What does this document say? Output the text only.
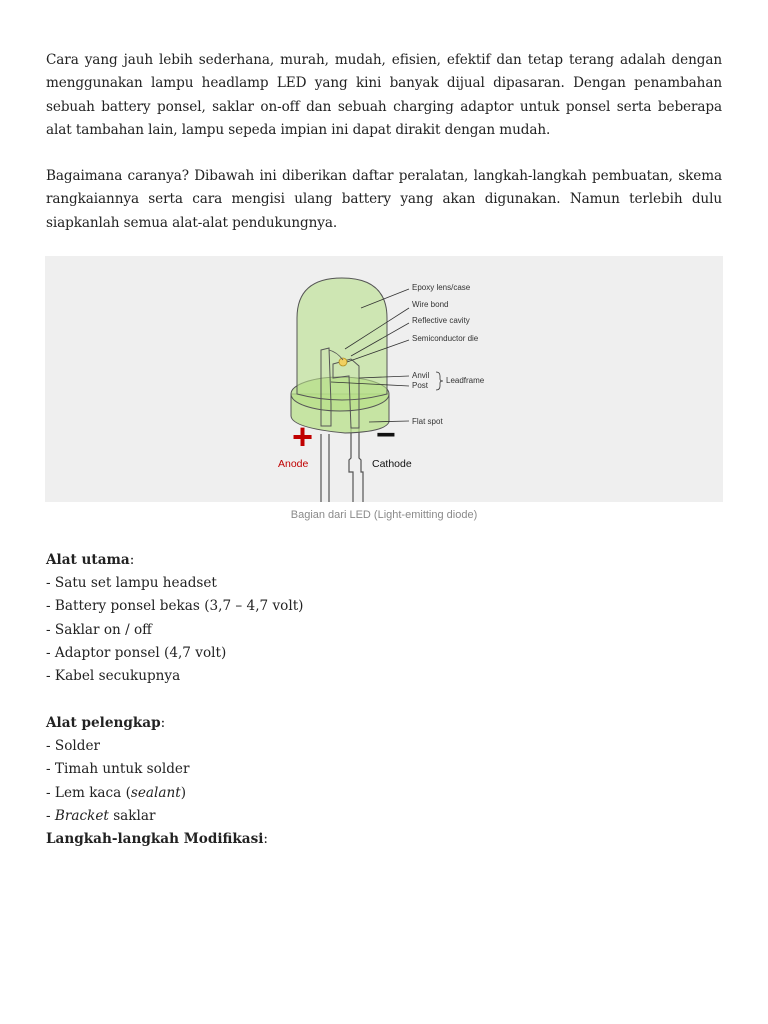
Cara yang jauh lebih sederhana, murah, mudah, efisien, efektif dan tetap terang adalah dengan menggunakan lampu headlamp LED yang kini banyak dijual dipasaran. Dengan penambahan sebuah battery ponsel, saklar on-off dan sebuah charging adaptor untuk ponsel serta beberapa alat tambahan lain, lampu sepeda impian ini dapat dirakit dengan mudah.

Bagaimana caranya? Dibawah ini diberikan daftar peralatan, langkah-langkah pembuatan, skema rangkaiannya serta cara mengisi ulang battery yang akan digunakan. Namun terlebih dulu siapkanlah semua alat-alat pendukungnya.

Epoxy lens/case
Wire bond
Reflective cavity
Semiconductor die
Anvil
Post
Leadframe
Flat spot
+
Anode
−
Cathode
Bagian dari LED (Light-emitting diode)
Alat utama:
- Satu set lampu headset
- Battery ponsel bekas (3,7 – 4,7 volt)
- Saklar on / off
- Adaptor ponsel (4,7 volt)
- Kabel secukupnya
Alat pelengkap:
- Solder
- Timah untuk solder
- Lem kaca (sealant)
- Bracket saklar
Langkah-langkah Modifikasi:
